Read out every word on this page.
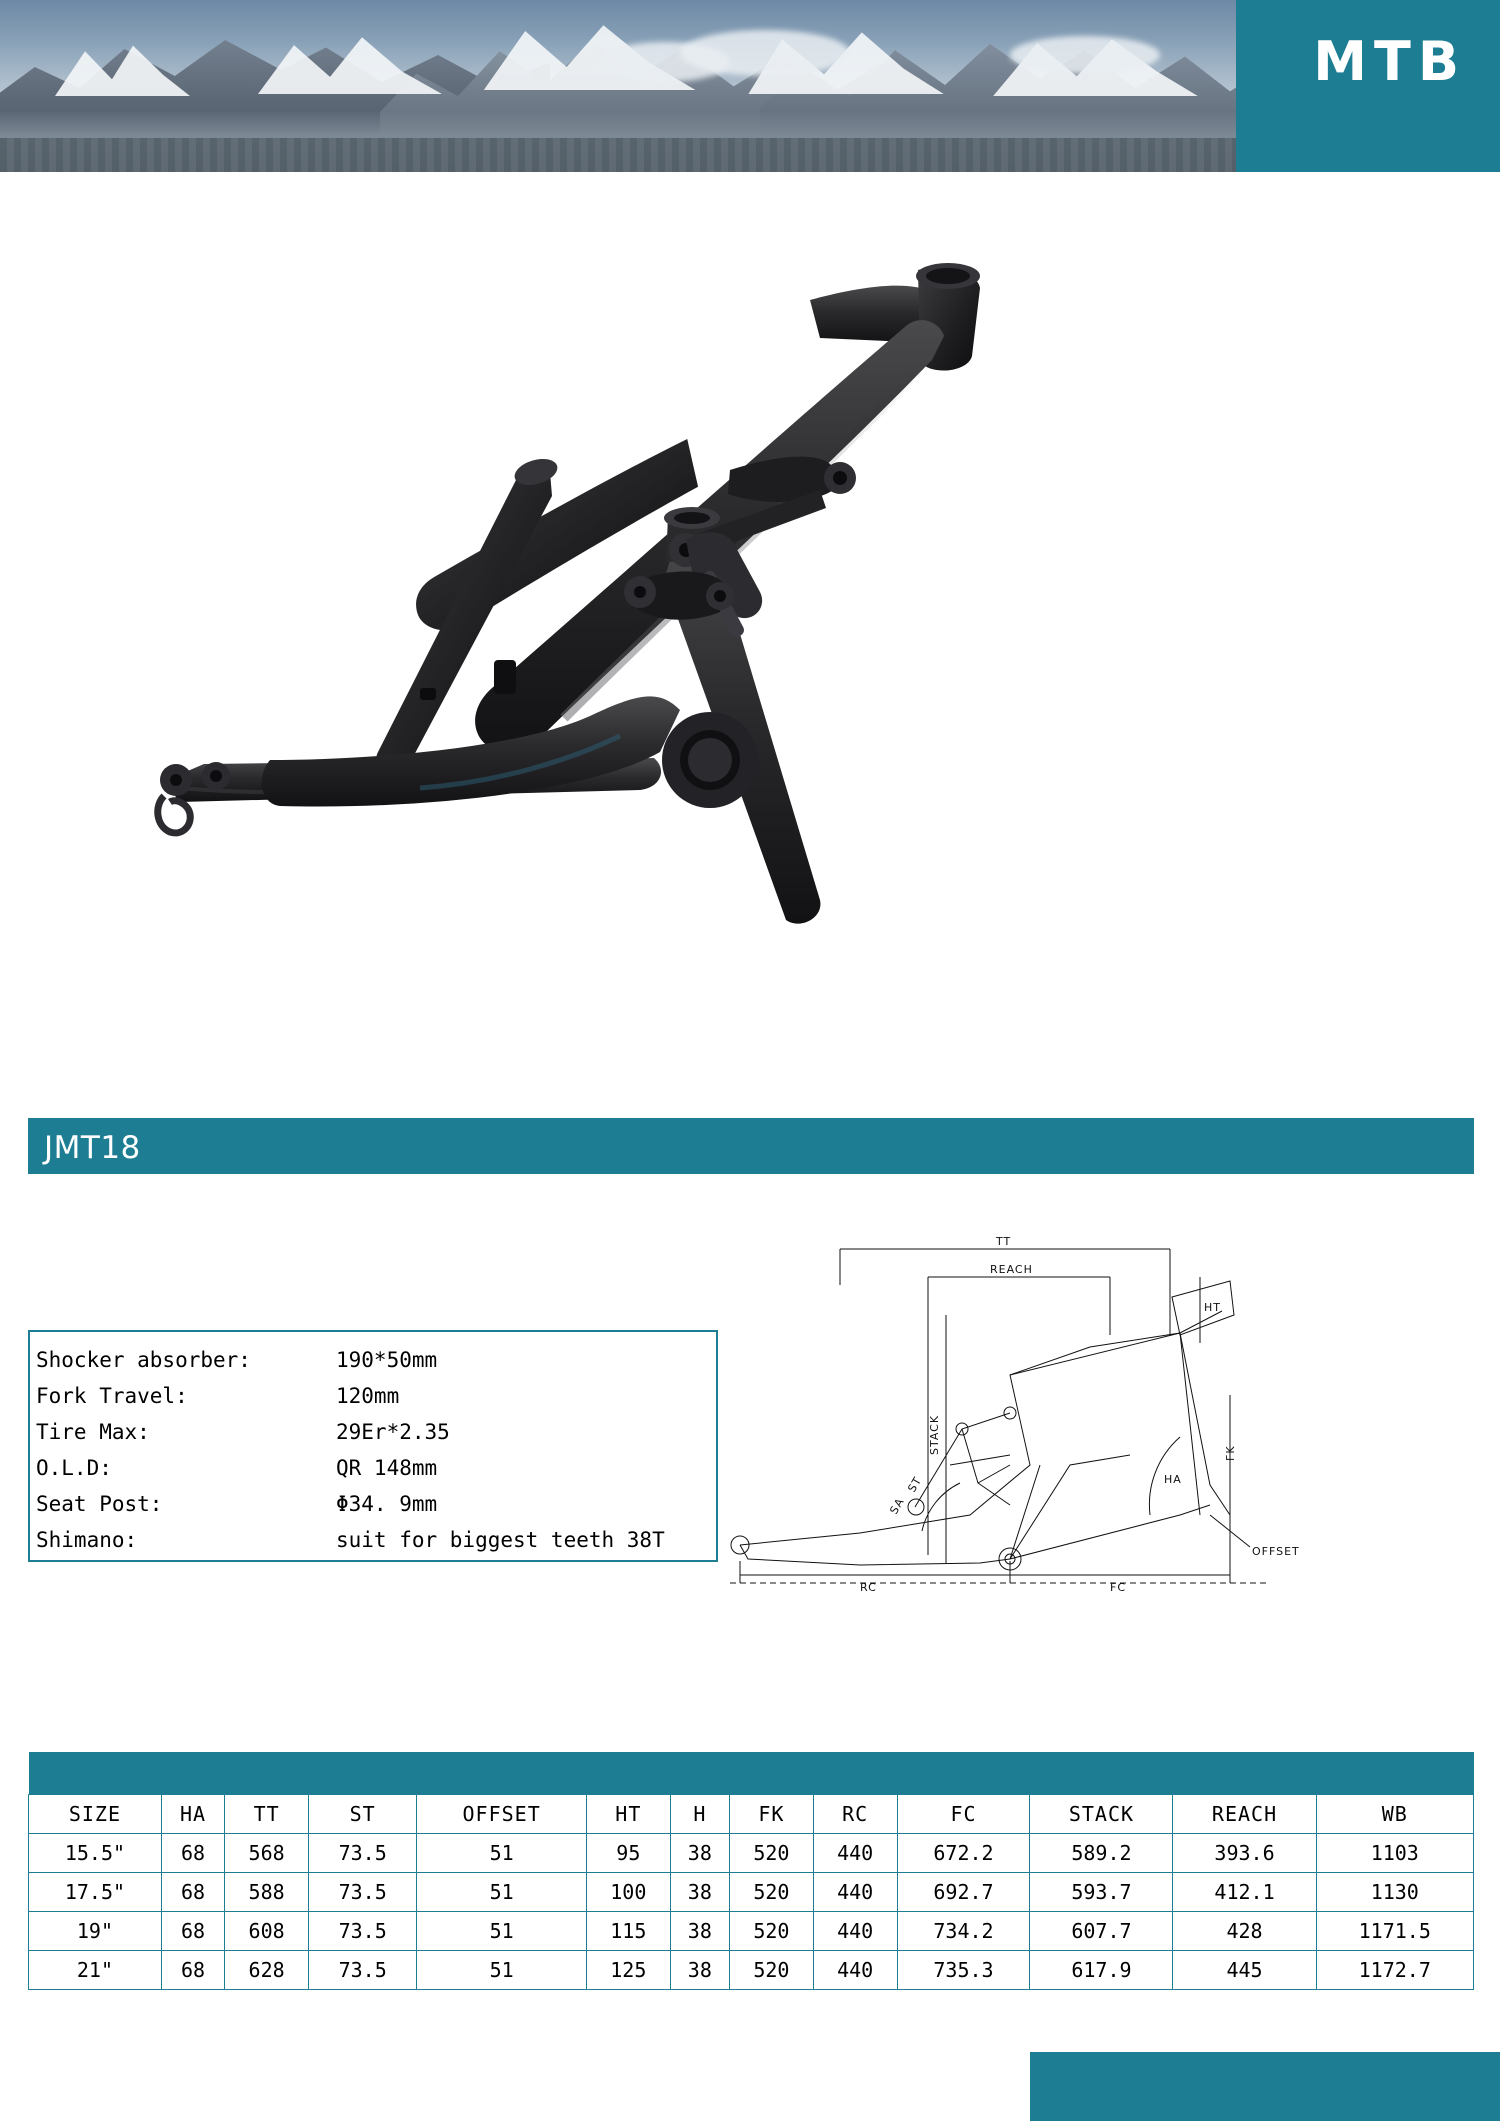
MTB
JMT18
Shocker absorber:	190*50mm
Fork Travel:	120mm
Tire Max:	29Er*2.35
O.L.D:	QR 148mm
Seat Post:	Φ34. 9mm
Shimano:	suit for biggest teeth 38T
TT
REACH
HT
STACK	FK
HA
SA
ST
RC	FC
OFFSET

SIZE	HA	TT	ST	OFFSET	HT	H	FK	RC	FC	STACK	REACH	WB
15.5"	68	568	73.5	51	95	38	520	440	672.2	589.2	393.6	1103
17.5"	68	588	73.5	51	100	38	520	440	692.7	593.7	412.1	1130
19"	68	608	73.5	51	115	38	520	440	734.2	607.7	428	1171.5
21"	68	628	73.5	51	125	38	520	440	735.3	617.9	445	1172.7
